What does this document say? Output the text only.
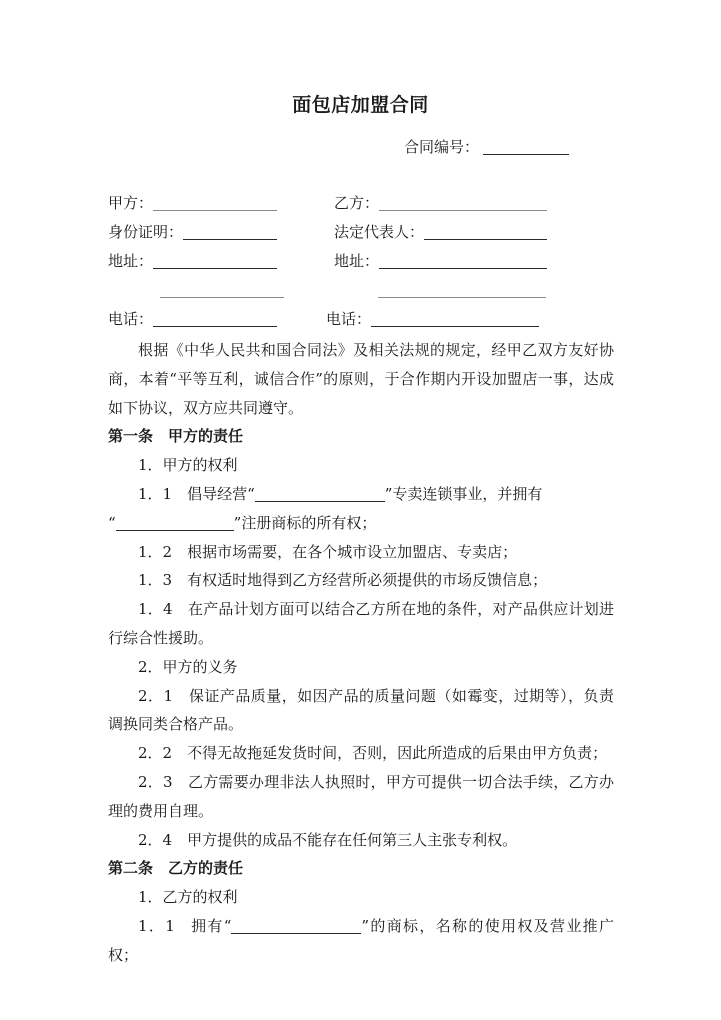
面包店加盟合同
合同编号：
甲方：	乙方：
身份证明：	法定代表人：
地址：	地址：
电话：	电话：

根据《中华人民共和国合同法》及相关法规的规定，经甲乙双方友好协商，本着“平等互利，诚信合作”的原则，于合作期内开设加盟店一事，达成如下协议，双方应共同遵守。

第一条　甲方的责任

1．甲方的权利

1．1 倡导经营“	”专卖连锁事业，并拥有
“	”注册商标的所有权；

1．2　根据市场需要，在各个城市设立加盟店、专卖店；

1．3　有权适时地得到乙方经营所必须提供的市场反馈信息；

1．4　在产品计划方面可以结合乙方所在地的条件，对产品供应计划进行综合性援助。

2．甲方的义务

2．1　保证产品质量，如因产品的质量问题（如霉变，过期等），负责调换同类合格产品。

2．2　不得无故拖延发货时间，否则，因此所造成的后果由甲方负责；

2．3　乙方需要办理非法人执照时，甲方可提供一切合法手续，乙方办理的费用自理。

2．4　甲方提供的成品不能存在任何第三人主张专利权。

第二条　乙方的责任

1．乙方的权利

1．1 拥有“	”的商标，名称的使用权及营业推广权；
